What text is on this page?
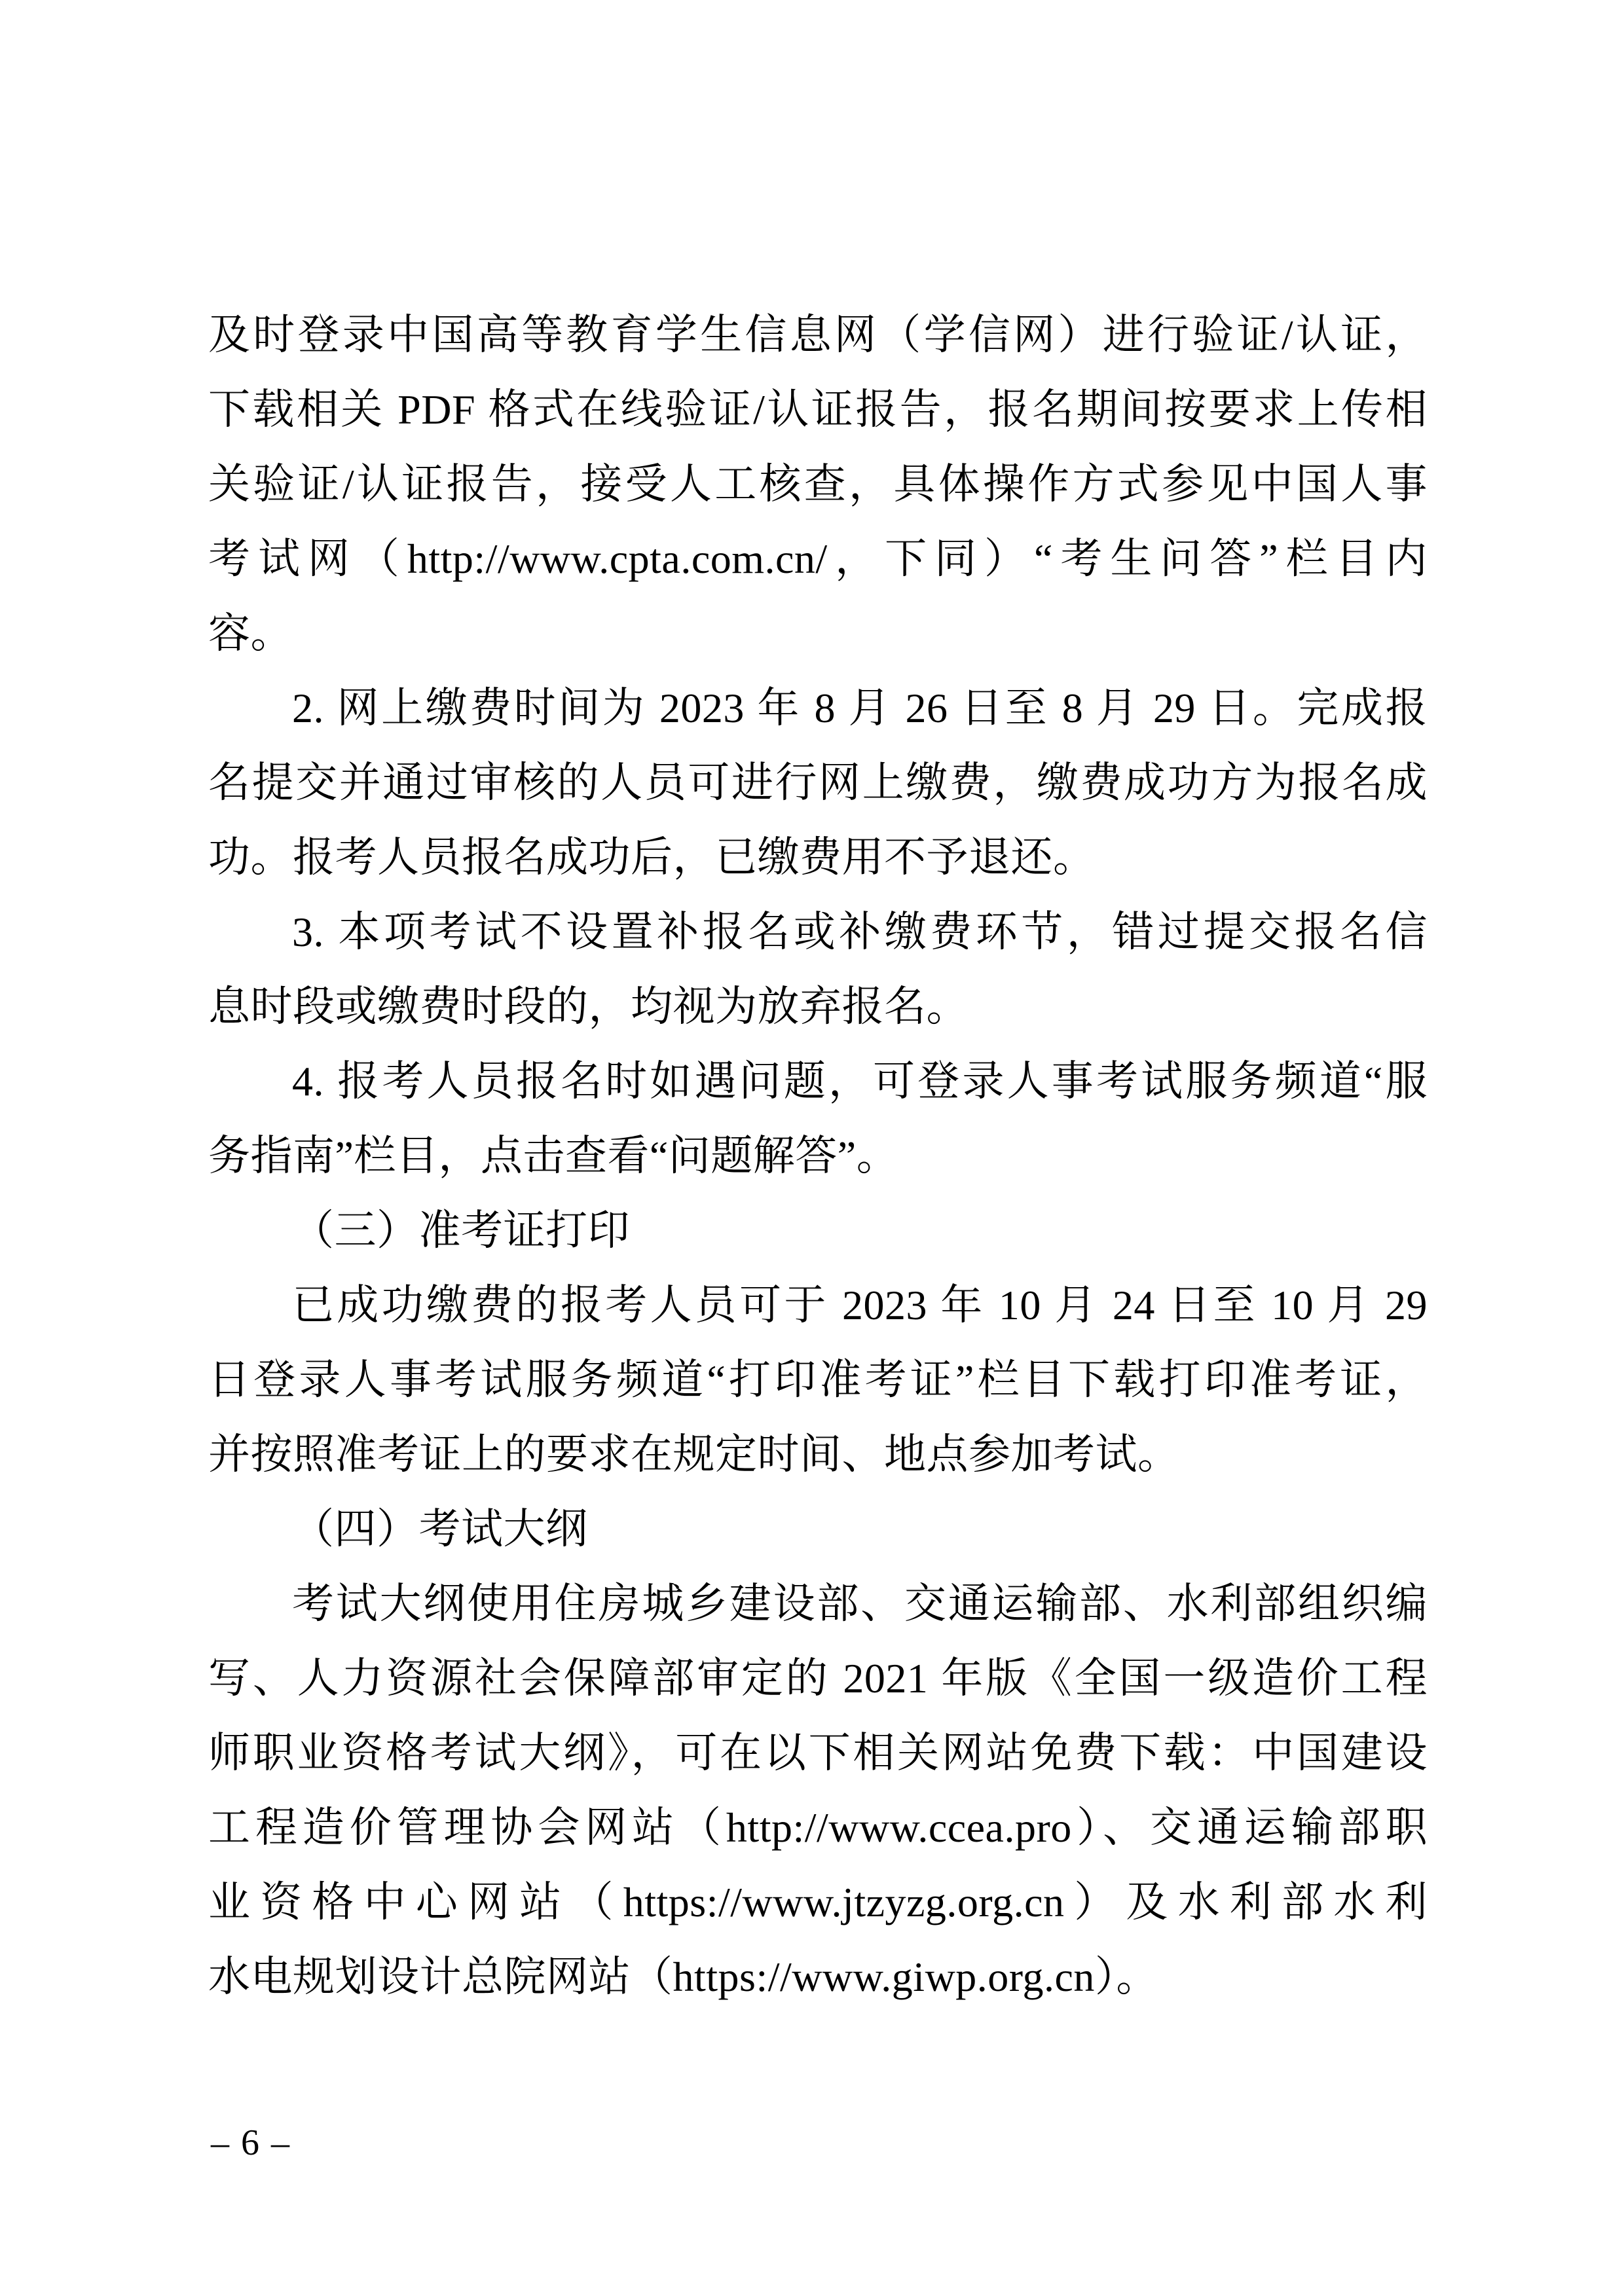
及时登录中国高等教育学生信息网（学信网）进行验证/认证，
下载相关 PDF 格式在线验证/认证报告，报名期间按要求上传相
关验证/认证报告，接受人工核查，具体操作方式参见中国人事
考试网（http://www.cpta.com.cn/，下同）“考生问答”栏目内
容。
2. 网上缴费时间为 2023 年 8 月 26 日至 8 月 29 日。完成报
名提交并通过审核的人员可进行网上缴费，缴费成功方为报名成
功。报考人员报名成功后，已缴费用不予退还。
3. 本项考试不设置补报名或补缴费环节，错过提交报名信
息时段或缴费时段的，均视为放弃报名。
4. 报考人员报名时如遇问题，可登录人事考试服务频道“服
务指南”栏目，点击查看“问题解答”。
（三）准考证打印
已成功缴费的报考人员可于 2023 年 10 月 24 日至 10 月 29
日登录人事考试服务频道“打印准考证”栏目下载打印准考证，
并按照准考证上的要求在规定时间、地点参加考试。
（四）考试大纲
考试大纲使用住房城乡建设部、交通运输部、水利部组织编
写、人力资源社会保障部审定的 2021 年版《全国一级造价工程
师职业资格考试大纲》，可在以下相关网站免费下载：中国建设
工程造价管理协会网站（http://www.ccea.pro）、交通运输部职
业资格中心网站（https://www.jtzyzg.org.cn）及水利部水利
水电规划设计总院网站（https://www.giwp.org.cn）。
– 6 –
